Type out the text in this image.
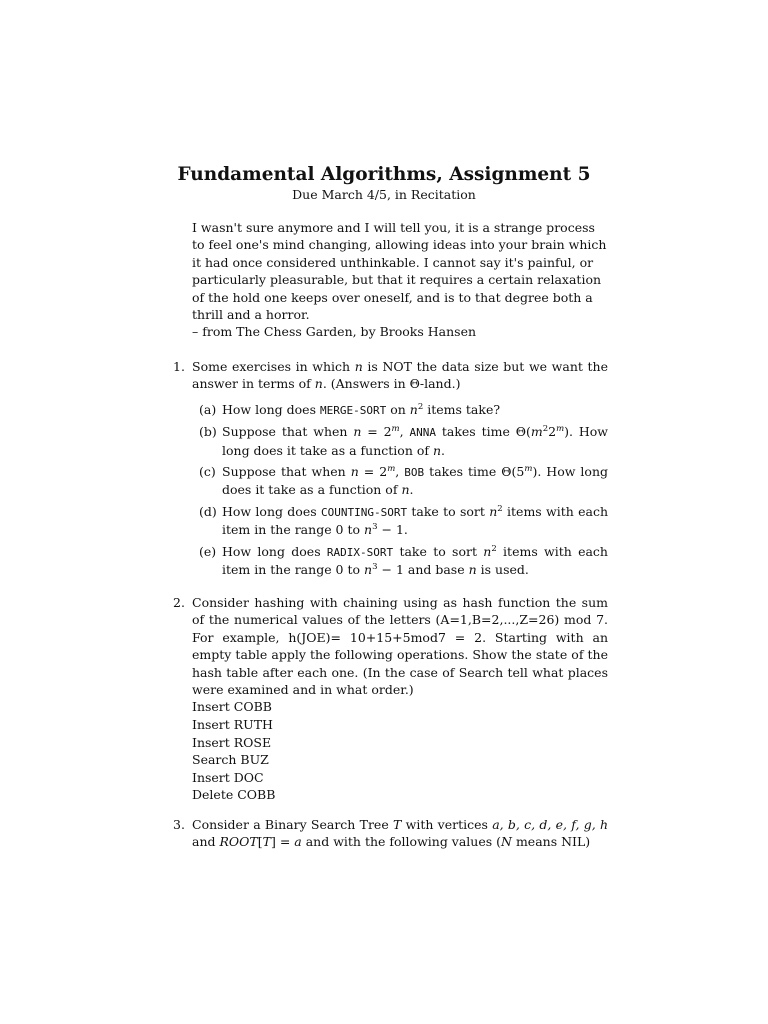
Fundamental Algorithms, Assignment 5
Due March 4/5, in Recitation
I wasn't sure anymore and I will tell you, it is a strange process
to feel one's mind changing, allowing ideas into your brain which
it had once considered unthinkable. I cannot say it's painful, or
particularly pleasurable, but that it requires a certain relaxation
of the hold one keeps over oneself, and is to that degree both a
thrill and a horror.
– from The Chess Garden, by Brooks Hansen
1. Some exercises in which n is NOT the data size but we want the answer in terms of n. (Answers in Θ-land.)
(a) How long does MERGE-SORT on $n^2$ items take?
(b) Suppose that when $n = 2^m$, ANNA takes time $\Theta(m^22^m)$. How long does it take as a function of n.
(c) Suppose that when $n = 2^m$, BOB takes time Θ(5$^m$). How long does it take as a function of n.
(d) How long does COUNTING-SORT take to sort $n^2$ items with each item in the range 0 to $n^3 - 1$.
(e) How long does RADIX-SORT take to sort $n^2$ items with each item in the range 0 to $n^3 - 1$ and base n is used.
2. Consider hashing with chaining using as hash function the sum of the numerical values of the letters (A=1,B=2,...,Z=26) mod 7. For example, h(JOE)= 10+15+5mod7 = 2. Starting with an empty table apply the following operations. Show the state of the hash table after each one. (In the case of Search tell what places were examined and in what order.)
Insert COBB
Insert RUTH
Insert ROSE
Search BUZ
Insert DOC
Delete COBB
3. Consider a Binary Search Tree T with vertices a, b, c, d, e, f, g, h and ROOT[T] = a and with the following values (N means NIL)
